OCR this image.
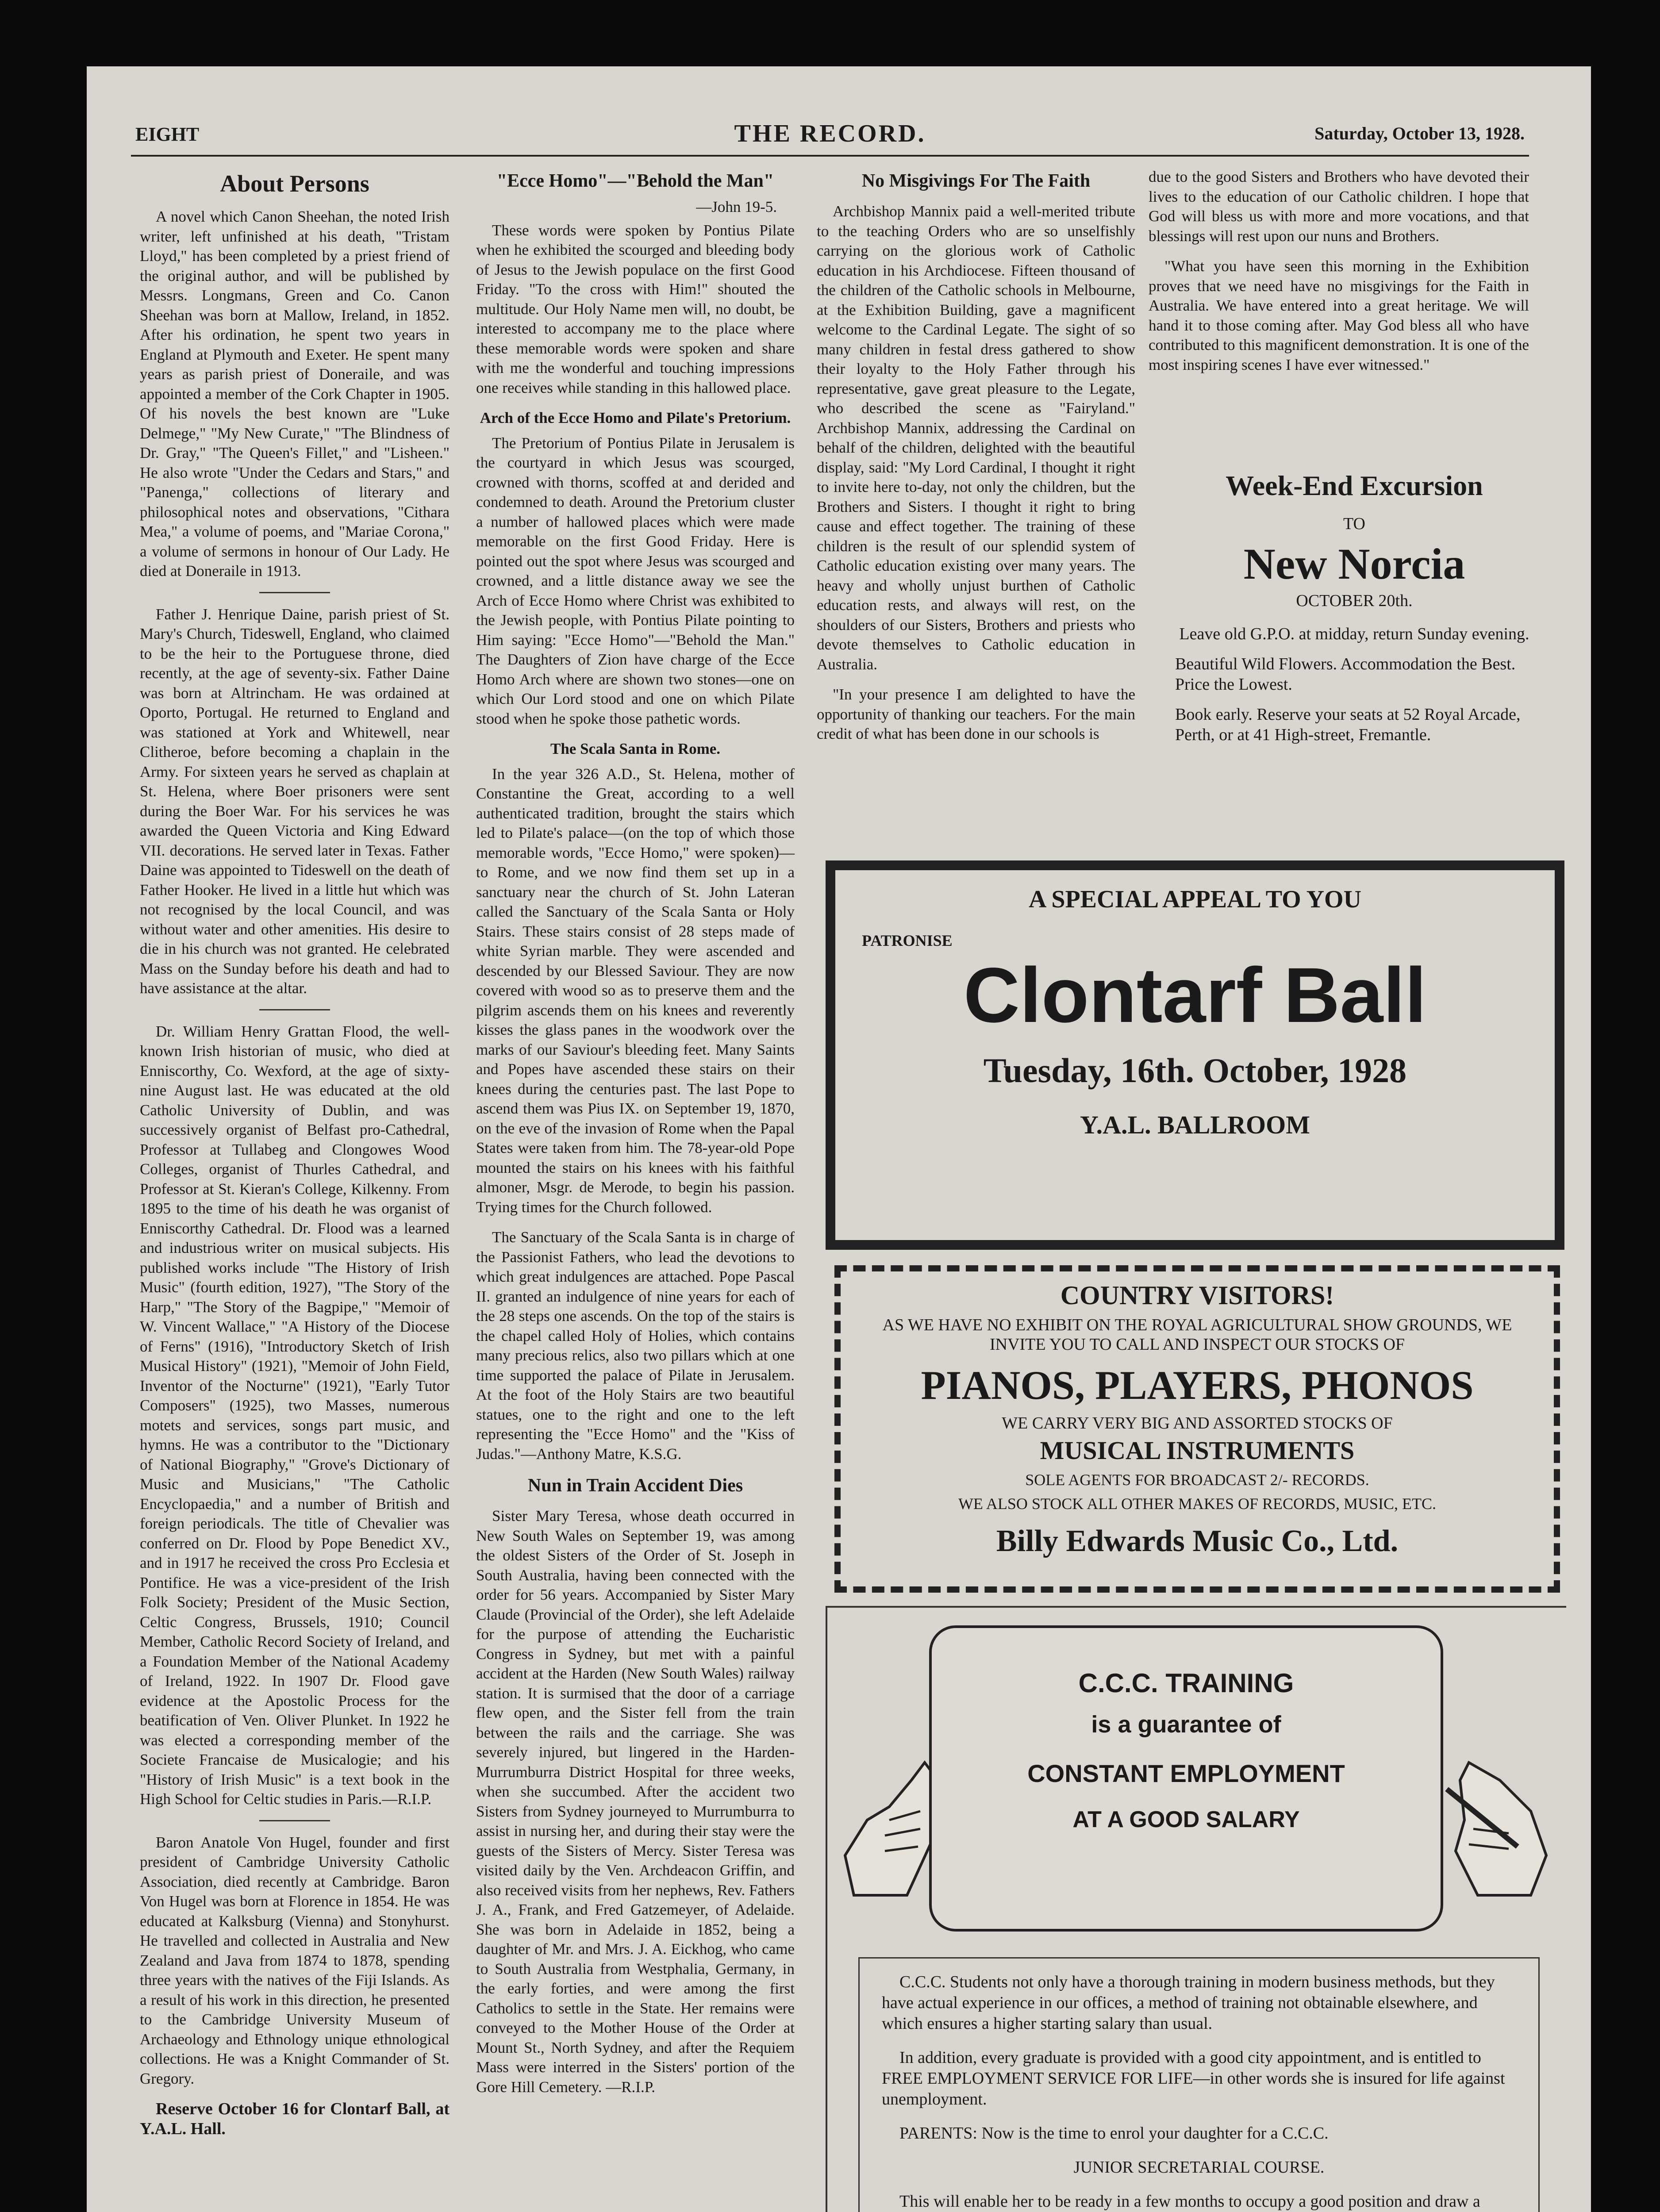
EIGHT	THE RECORD.	Saturday, October 13, 1928.
About Persons

A novel which Canon Sheehan, the noted Irish writer, left unfinished at his death, "Tristam Lloyd," has been completed by a priest friend of the original author, and will be published by Messrs. Longmans, Green and Co. Canon Sheehan was born at Mallow, Ireland, in 1852. After his ordination, he spent two years in England at Plymouth and Exeter. He spent many years as parish priest of Doneraile, and was appointed a member of the Cork Chapter in 1905. Of his novels the best known are "Luke Delmege," "My New Curate," "The Blindness of Dr. Gray," "The Queen's Fillet," and "Lisheen." He also wrote "Under the Cedars and Stars," and "Panenga," collections of literary and philosophical notes and observations, "Cithara Mea," a volume of poems, and "Mariae Corona," a volume of sermons in honour of Our Lady. He died at Doneraile in 1913.

Father J. Henrique Daine, parish priest of St. Mary's Church, Tideswell, England, who claimed to be the heir to the Portuguese throne, died recently, at the age of seventy-six. Father Daine was born at Altrincham. He was ordained at Oporto, Portugal. He returned to England and was stationed at York and Whitewell, near Clitheroe, before becoming a chaplain in the Army. For sixteen years he served as chaplain at St. Helena, where Boer prisoners were sent during the Boer War. For his services he was awarded the Queen Victoria and King Edward VII. decorations. He served later in Texas. Father Daine was appointed to Tideswell on the death of Father Hooker. He lived in a little hut which was not recognised by the local Council, and was without water and other amenities. His desire to die in his church was not granted. He celebrated Mass on the Sunday before his death and had to have assistance at the altar.

Dr. William Henry Grattan Flood, the well-known Irish historian of music, who died at Enniscorthy, Co. Wexford, at the age of sixty-nine August last. He was educated at the old Catholic University of Dublin, and was successively organist of Belfast pro-Cathedral, Professor at Tullabeg and Clongowes Wood Colleges, organist of Thurles Cathedral, and Professor at St. Kieran's College, Kilkenny. From 1895 to the time of his death he was organist of Enniscorthy Cathedral. Dr. Flood was a learned and industrious writer on musical subjects. His published works include "The History of Irish Music" (fourth edition, 1927), "The Story of the Harp," "The Story of the Bagpipe," "Memoir of W. Vincent Wallace," "A History of the Diocese of Ferns" (1916), "Introductory Sketch of Irish Musical History" (1921), "Memoir of John Field, Inventor of the Nocturne" (1921), "Early Tutor Composers" (1925), two Masses, numerous motets and services, songs part music, and hymns. He was a contributor to the "Dictionary of National Biography," "Grove's Dictionary of Music and Musicians," "The Catholic Encyclopaedia," and a number of British and foreign periodicals. The title of Chevalier was conferred on Dr. Flood by Pope Benedict XV., and in 1917 he received the cross Pro Ecclesia et Pontifice. He was a vice-president of the Irish Folk Society; President of the Music Section, Celtic Congress, Brussels, 1910; Council Member, Catholic Record Society of Ireland, and a Foundation Member of the National Academy of Ireland, 1922. In 1907 Dr. Flood gave evidence at the Apostolic Process for the beatification of Ven. Oliver Plunket. In 1922 he was elected a corresponding member of the Societe Francaise de Musicalogie; and his "History of Irish Music" is a text book in the High School for Celtic studies in Paris.—R.I.P.

Baron Anatole Von Hugel, founder and first president of Cambridge University Catholic Association, died recently at Cambridge. Baron Von Hugel was born at Florence in 1854. He was educated at Kalksburg (Vienna) and Stonyhurst. He travelled and collected in Australia and New Zealand and Java from 1874 to 1878, spending three years with the natives of the Fiji Islands. As a result of his work in this direction, he presented to the Cambridge University Museum of Archaeology and Ethnology unique ethnological collections. He was a Knight Commander of St. Gregory.

Reserve October 16 for Clontarf Ball, at Y.A.L. Hall.

"Ecce Homo"—"Behold the Man"
—John 19-5.

These words were spoken by Pontius Pilate when he exhibited the scourged and bleeding body of Jesus to the Jewish populace on the first Good Friday. "To the cross with Him!" shouted the multitude. Our Holy Name men will, no doubt, be interested to accompany me to the place where these memorable words were spoken and share with me the wonderful and touching impressions one receives while standing in this hallowed place.

Arch of the Ecce Homo and Pilate's Pretorium.

The Pretorium of Pontius Pilate in Jerusalem is the courtyard in which Jesus was scourged, crowned with thorns, scoffed at and derided and condemned to death. Around the Pretorium cluster a number of hallowed places which were made memorable on the first Good Friday. Here is pointed out the spot where Jesus was scourged and crowned, and a little distance away we see the Arch of Ecce Homo where Christ was exhibited to the Jewish people, with Pontius Pilate pointing to Him saying: "Ecce Homo"—"Behold the Man." The Daughters of Zion have charge of the Ecce Homo Arch where are shown two stones—one on which Our Lord stood and one on which Pilate stood when he spoke those pathetic words.

The Scala Santa in Rome.

In the year 326 A.D., St. Helena, mother of Constantine the Great, according to a well authenticated tradition, brought the stairs which led to Pilate's palace—(on the top of which those memorable words, "Ecce Homo," were spoken)—to Rome, and we now find them set up in a sanctuary near the church of St. John Lateran called the Sanctuary of the Scala Santa or Holy Stairs. These stairs consist of 28 steps made of white Syrian marble. They were ascended and descended by our Blessed Saviour. They are now covered with wood so as to preserve them and the pilgrim ascends them on his knees and reverently kisses the glass panes in the woodwork over the marks of our Saviour's bleeding feet. Many Saints and Popes have ascended these stairs on their knees during the centuries past. The last Pope to ascend them was Pius IX. on September 19, 1870, on the eve of the invasion of Rome when the Papal States were taken from him. The 78-year-old Pope mounted the stairs on his knees with his faithful almoner, Msgr. de Merode, to begin his passion. Trying times for the Church followed.

The Sanctuary of the Scala Santa is in charge of the Passionist Fathers, who lead the devotions to which great indulgences are attached. Pope Pascal II. granted an indulgence of nine years for each of the 28 steps one ascends. On the top of the stairs is the chapel called Holy of Holies, which contains many precious relics, also two pillars which at one time supported the palace of Pilate in Jerusalem. At the foot of the Holy Stairs are two beautiful statues, one to the right and one to the left representing the "Ecce Homo" and the "Kiss of Judas."—Anthony Matre, K.S.G.

Nun in Train Accident Dies

Sister Mary Teresa, whose death occurred in New South Wales on September 19, was among the oldest Sisters of the Order of St. Joseph in South Australia, having been connected with the order for 56 years. Accompanied by Sister Mary Claude (Provincial of the Order), she left Adelaide for the purpose of attending the Eucharistic Congress in Sydney, but met with a painful accident at the Harden (New South Wales) railway station. It is surmised that the door of a carriage flew open, and the Sister fell from the train between the rails and the carriage. She was severely injured, but lingered in the Harden-Murrumburra District Hospital for three weeks, when she succumbed. After the accident two Sisters from Sydney journeyed to Murrumburra to assist in nursing her, and during their stay were the guests of the Sisters of Mercy. Sister Teresa was visited daily by the Ven. Archdeacon Griffin, and also received visits from her nephews, Rev. Fathers J. A., Frank, and Fred Gatzemeyer, of Adelaide. She was born in Adelaide in 1852, being a daughter of Mr. and Mrs. J. A. Eickhog, who came to South Australia from Westphalia, Germany, in the early forties, and were among the first Catholics to settle in the State. Her remains were conveyed to the Mother House of the Order at Mount St., North Sydney, and after the Requiem Mass were interred in the Sisters' portion of the Gore Hill Cemetery. —R.I.P.

No Misgivings For The Faith

Archbishop Mannix paid a well-merited tribute to the teaching Orders who are so unselfishly carrying on the glorious work of Catholic education in his Archdiocese. Fifteen thousand of the children of the Catholic schools in Melbourne, at the Exhibition Building, gave a magnificent welcome to the Cardinal Legate. The sight of so many children in festal dress gathered to show their loyalty to the Holy Father through his representative, gave great pleasure to the Legate, who described the scene as "Fairyland." Archbishop Mannix, addressing the Cardinal on behalf of the children, delighted with the beautiful display, said: "My Lord Cardinal, I thought it right to invite here to-day, not only the children, but the Brothers and Sisters. I thought it right to bring cause and effect together. The training of these children is the result of our splendid system of Catholic education existing over many years. The heavy and wholly unjust burthen of Catholic education rests, and always will rest, on the shoulders of our Sisters, Brothers and priests who devote themselves to Catholic education in Australia.

"In your presence I am delighted to have the opportunity of thanking our teachers. For the main credit of what has been done in our schools is

due to the good Sisters and Brothers who have devoted their lives to the education of our Catholic children. I hope that God will bless us with more and more vocations, and that blessings will rest upon our nuns and Brothers.

"What you have seen this morning in the Exhibition proves that we need have no misgivings for the Faith in Australia. We have entered into a great heritage. We will hand it to those coming after. May God bless all who have contributed to this magnificent demonstration. It is one of the most inspiring scenes I have ever witnessed."

Week-End Excursion
TO
New Norcia
OCTOBER 20th.

Leave old G.P.O. at midday, return Sunday evening.

Beautiful Wild Flowers. Accommodation the Best. Price the Lowest.

Book early. Reserve your seats at 52 Royal Arcade, Perth, or at 41 High-street, Fremantle.

A SPECIAL APPEAL TO YOU
PATRONISE
Clontarf Ball
Tuesday, 16th. October, 1928
Y.A.L. BALLROOM
COUNTRY VISITORS!
AS WE HAVE NO EXHIBIT ON THE ROYAL AGRICULTURAL SHOW GROUNDS, WE INVITE YOU TO CALL AND INSPECT OUR STOCKS OF
PIANOS, PLAYERS, PHONOS
WE CARRY VERY BIG AND ASSORTED STOCKS OF
MUSICAL INSTRUMENTS
SOLE AGENTS FOR BROADCAST 2/- RECORDS.
WE ALSO STOCK ALL OTHER MAKES OF RECORDS, MUSIC, ETC.
Billy Edwards Music Co., Ltd.
C.C.C. TRAINING
is a guarantee of
CONSTANT EMPLOYMENT
AT A GOOD SALARY

C.C.C. Students not only have a thorough training in modern business methods, but they have actual experience in our offices, a method of training not obtainable elsewhere, and which ensures a higher starting salary than usual.

In addition, every graduate is provided with a good city appointment, and is entitled to FREE EMPLOYMENT SERVICE FOR LIFE—in other words she is insured for life against unemployment.

PARENTS: Now is the time to enrol your daughter for a C.C.C.

JUNIOR SECRETARIAL COURSE.

This will enable her to be ready in a few months to occupy a good position and draw a
